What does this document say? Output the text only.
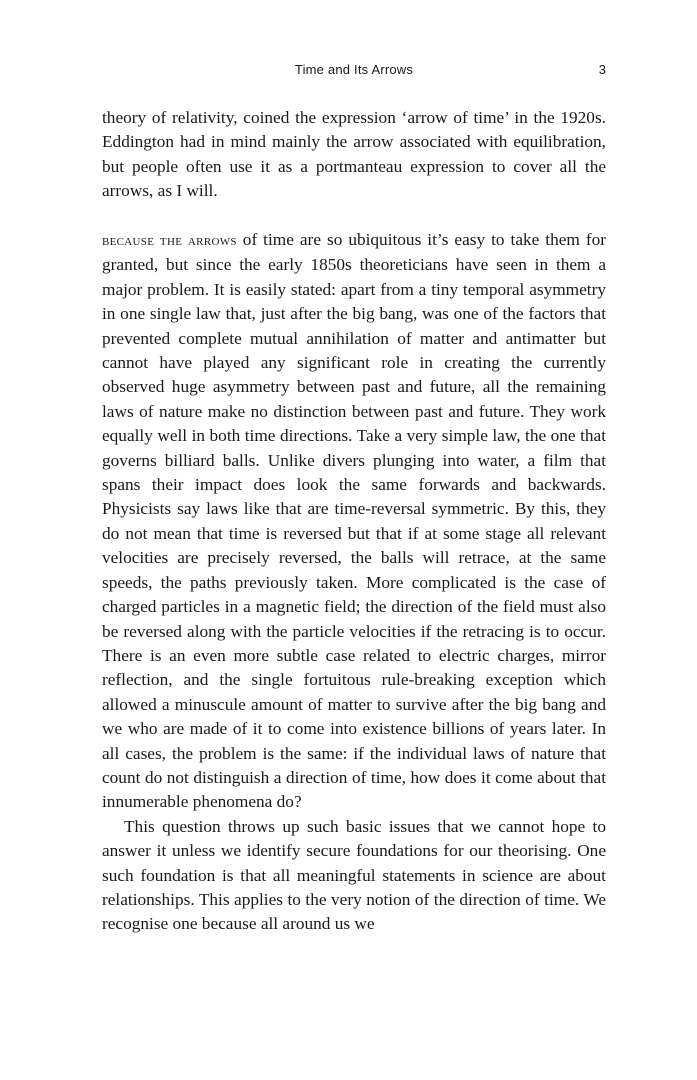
Time and Its Arrows	3

theory of relativity, coined the expression ‘arrow of time’ in the 1920s. Eddington had in mind mainly the arrow associated with equilibration, but people often use it as a portmanteau expression to cover all the arrows, as I will.

because the arrows of time are so ubiquitous it’s easy to take them for granted, but since the early 1850s theoreticians have seen in them a major problem. It is easily stated: apart from a tiny temporal asymmetry in one single law that, just after the big bang, was one of the factors that prevented complete mutual annihilation of matter and antimatter but cannot have played any significant role in creating the currently observed huge asymmetry between past and future, all the remaining laws of nature make no distinction between past and future. They work equally well in both time directions. Take a very simple law, the one that governs billiard balls. Unlike divers plunging into water, a film that spans their impact does look the same forwards and backwards. Physicists say laws like that are time-reversal symmetric. By this, they do not mean that time is reversed but that if at some stage all relevant velocities are precisely reversed, the balls will retrace, at the same speeds, the paths previously taken. More complicated is the case of charged particles in a magnetic field; the direction of the field must also be reversed along with the particle velocities if the retracing is to occur. There is an even more subtle case related to electric charges, mirror reflection, and the single fortuitous rule-breaking exception which allowed a minuscule amount of matter to survive after the big bang and we who are made of it to come into existence billions of years later. In all cases, the problem is the same: if the individual laws of nature that count do not distinguish a direction of time, how does it come about that innumerable phenomena do?

This question throws up such basic issues that we cannot hope to answer it unless we identify secure foundations for our theorising. One such foundation is that all meaningful statements in science are about relationships. This applies to the very notion of the direction of time. We recognise one because all around us we
